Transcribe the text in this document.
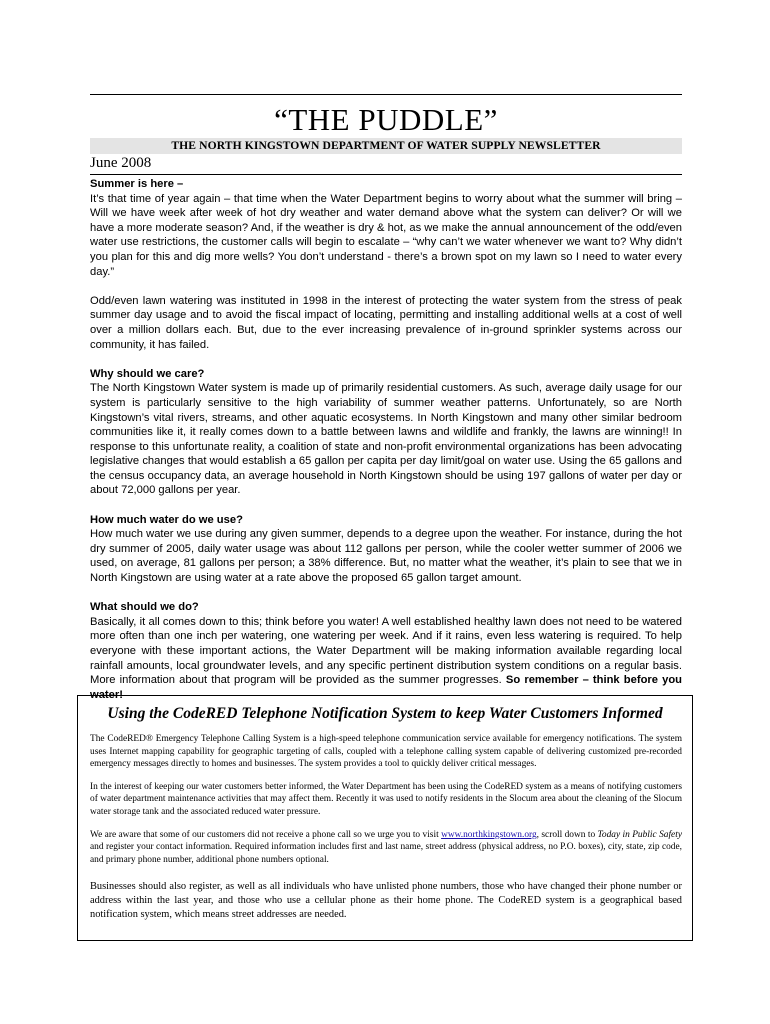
“THE PUDDLE”
THE NORTH KINGSTOWN DEPARTMENT OF WATER SUPPLY NEWSLETTER
June 2008
Summer is here –

It’s that time of year again – that time when the Water Department begins to worry about what the summer will bring – Will we have week after week of hot dry weather and water demand above what the system can deliver? Or will we have a more moderate season? And, if the weather is dry & hot, as we make the annual announcement of the odd/even water use restrictions, the customer calls will begin to escalate – “why can’t we water whenever we want to? Why didn’t you plan for this and dig more wells? You don’t understand - there’s a brown spot on my lawn so I need to water every day.”

Odd/even lawn watering was instituted in 1998 in the interest of protecting the water system from the stress of peak summer day usage and to avoid the fiscal impact of locating, permitting and installing additional wells at a cost of well over a million dollars each. But, due to the ever increasing prevalence of in-ground sprinkler systems across our community, it has failed.

Why should we care?

The North Kingstown Water system is made up of primarily residential customers. As such, average daily usage for our system is particularly sensitive to the high variability of summer weather patterns. Unfortunately, so are North Kingstown’s vital rivers, streams, and other aquatic ecosystems. In North Kingstown and many other similar bedroom communities like it, it really comes down to a battle between lawns and wildlife and frankly, the lawns are winning!! In response to this unfortunate reality, a coalition of state and non-profit environmental organizations has been advocating legislative changes that would establish a 65 gallon per capita per day limit/goal on water use. Using the 65 gallons and the census occupancy data, an average household in North Kingstown should be using 197 gallons of water per day or about 72,000 gallons per year.

How much water do we use?

How much water we use during any given summer, depends to a degree upon the weather. For instance, during the hot dry summer of 2005, daily water usage was about 112 gallons per person, while the cooler wetter summer of 2006 we used, on average, 81 gallons per person; a 38% difference. But, no matter what the weather, it’s plain to see that we in North Kingstown are using water at a rate above the proposed 65 gallon target amount.

What should we do?

Basically, it all comes down to this; think before you water! A well established healthy lawn does not need to be watered more often than one inch per watering, one watering per week. And if it rains, even less watering is required. To help everyone with these important actions, the Water Department will be making information available regarding local rainfall amounts, local groundwater levels, and any specific pertinent distribution system conditions on a regular basis. More information about that program will be provided as the summer progresses. So remember – think before you water!

Using the CodeRED Telephone Notification System to keep Water Customers Informed

The CodeRED® Emergency Telephone Calling System is a high-speed telephone communication service available for emergency notifications. The system uses Internet mapping capability for geographic targeting of calls, coupled with a telephone calling system capable of delivering customized pre-recorded emergency messages directly to homes and businesses. The system provides a tool to quickly deliver critical messages.

In the interest of keeping our water customers better informed, the Water Department has been using the CodeRED system as a means of notifying customers of water department maintenance activities that may affect them. Recently it was used to notify residents in the Slocum area about the cleaning of the Slocum water storage tank and the associated reduced water pressure.

We are aware that some of our customers did not receive a phone call so we urge you to visit www.northkingstown.org, scroll down to Today in Public Safety and register your contact information. Required information includes first and last name, street address (physical address, no P.O. boxes), city, state, zip code, and primary phone number, additional phone numbers optional.

Businesses should also register, as well as all individuals who have unlisted phone numbers, those who have changed their phone number or address within the last year, and those who use a cellular phone as their home phone. The CodeRED system is a geographical based notification system, which means street addresses are needed.
